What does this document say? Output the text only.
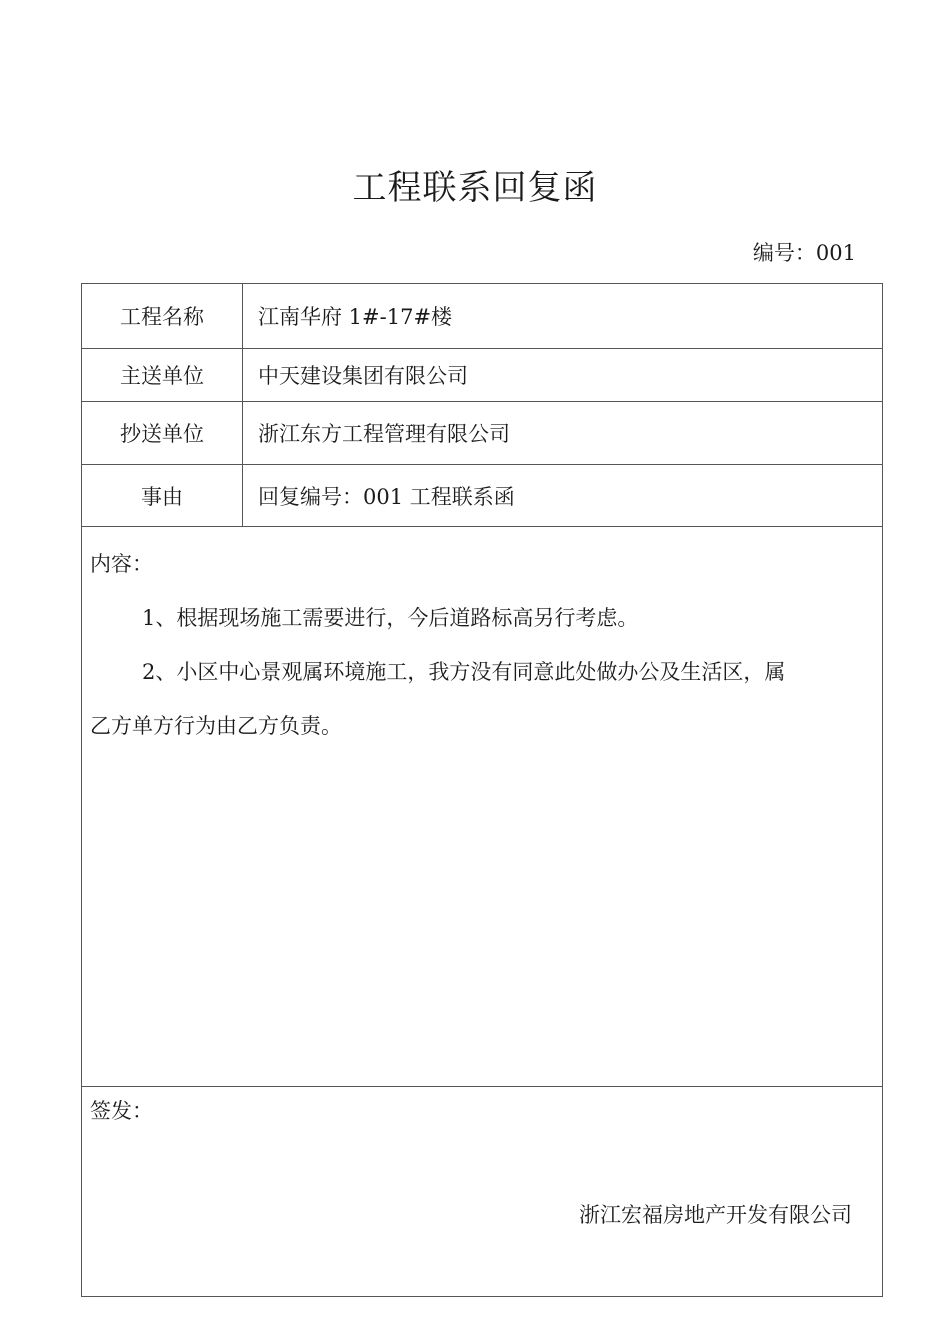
工程联系回复函
编号：001
工程名称	江南华府 1#-17#楼
主送单位	中天建设集团有限公司
抄送单位	浙江东方工程管理有限公司
事由	回复编号：001 工程联系函
内容：
1、根据现场施工需要进行，今后道路标高另行考虑。
2、小区中心景观属环境施工，我方没有同意此处做办公及生活区，属
乙方单方行为由乙方负责。
签发：
浙江宏福房地产开发有限公司
